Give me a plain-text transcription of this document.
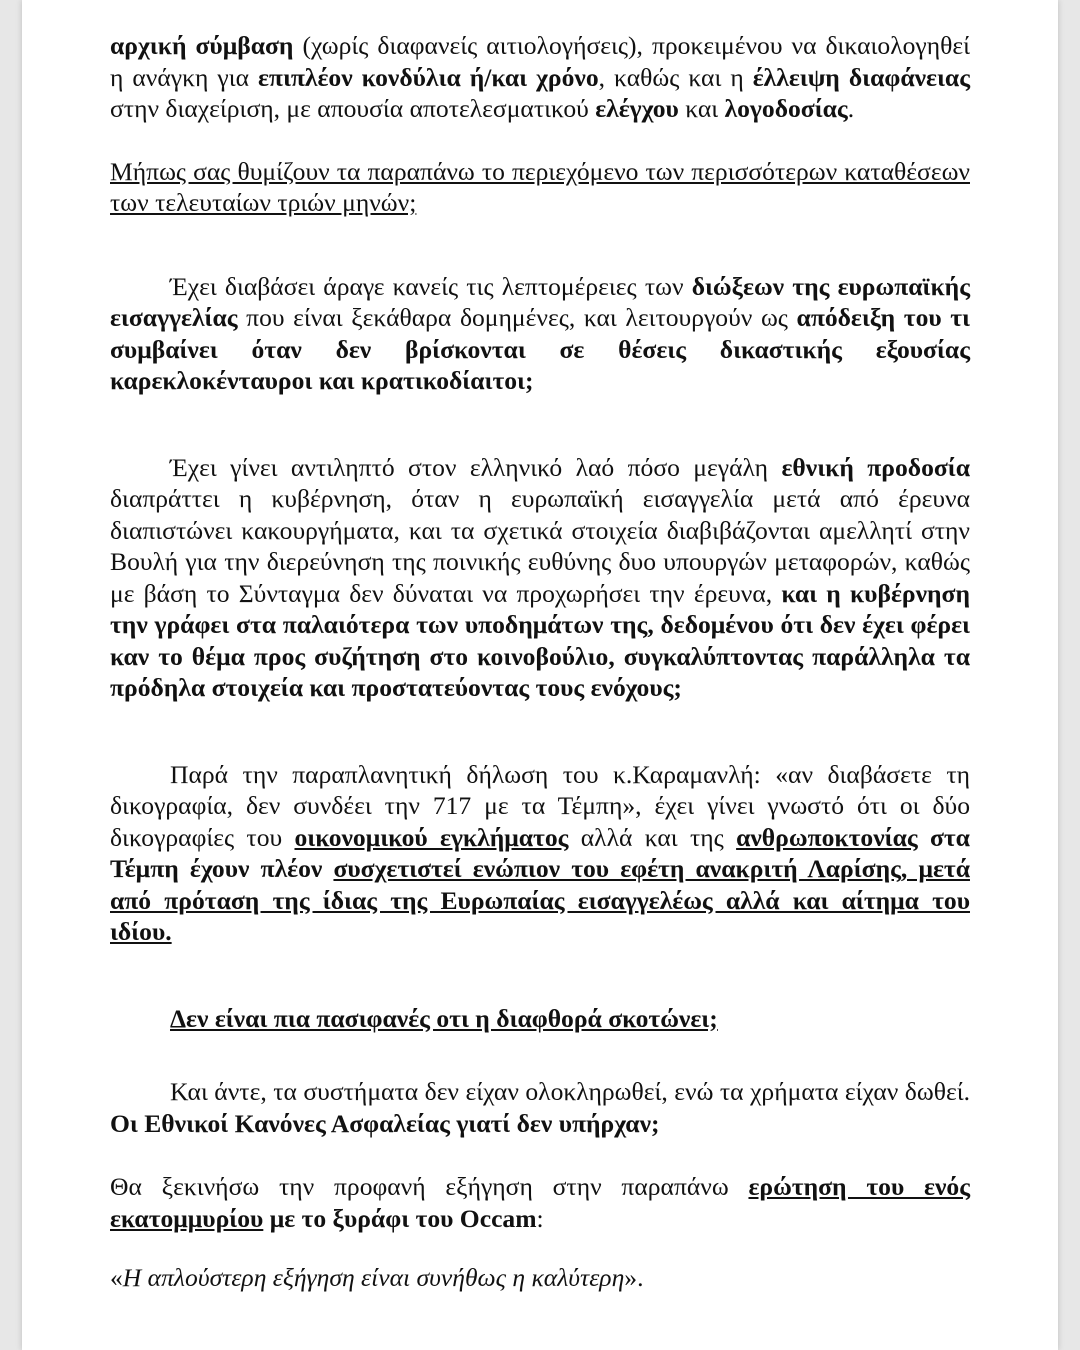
αρχική σύμβαση (χωρίς διαφανείς αιτιολογήσεις), προκειμένου να δικαιολογηθεί η ανάγκη για επιπλέον κονδύλια ή/και χρόνο, καθώς και η έλλειψη διαφάνειας στην διαχείριση, με απουσία αποτελεσματικού ελέγχου και λογοδοσίας.

Μήπως σας θυμίζουν τα παραπάνω το περιεχόμενο των περισσότερων καταθέσεων των τελευταίων τριών μηνών;

Έχει διαβάσει άραγε κανείς τις λεπτομέρειες των διώξεων της ευρωπαϊκής εισαγγελίας που είναι ξεκάθαρα δομημένες, και λειτουργούν ως απόδειξη του τι συμβαίνει όταν δεν βρίσκονται σε θέσεις δικαστικής εξουσίας καρεκλοκένταυροι και κρατικοδίαιτοι;

Έχει γίνει αντιληπτό στον ελληνικό λαό πόσο μεγάλη εθνική προδοσία διαπράττει η κυβέρνηση, όταν η ευρωπαϊκή εισαγγελία μετά από έρευνα διαπιστώνει κακουργήματα, και τα σχετικά στοιχεία διαβιβάζονται αμελλητί στην Βουλή για την διερεύνηση της ποινικής ευθύνης δυο υπουργών μεταφορών, καθώς με βάση το Σύνταγμα δεν δύναται να προχωρήσει την έρευνα, και η κυβέρνηση την γράφει στα παλαιότερα των υποδημάτων της, δεδομένου ότι δεν έχει φέρει καν το θέμα προς συζήτηση στο κοινοβούλιο, συγκαλύπτοντας παράλληλα τα πρόδηλα στοιχεία και προστατεύοντας τους ενόχους;

Παρά την παραπλανητική δήλωση του κ.Καραμανλή: «αν διαβάσετε τη δικογραφία, δεν συνδέει την 717 με τα Τέμπη», έχει γίνει γνωστό ότι οι δύο δικογραφίες του οικονομικού εγκλήματος αλλά και της ανθρωποκτονίας στα Τέμπη έχουν πλέον συσχετιστεί ενώπιον του εφέτη ανακριτή Λαρίσης, μετά από πρόταση της ίδιας της Ευρωπαίας εισαγγελέως αλλά και αίτημα του ιδίου.

Δεν είναι πια πασιφανές οτι η διαφθορά σκοτώνει;

Και άντε, τα συστήματα δεν είχαν ολοκληρωθεί, ενώ τα χρήματα είχαν δωθεί. Οι Εθνικοί Κανόνες Ασφαλείας γιατί δεν υπήρχαν;

Θα ξεκινήσω την προφανή εξήγηση στην παραπάνω ερώτηση του ενός εκατομμυρίου με το ξυράφι του Occam:

«Η απλούστερη εξήγηση είναι συνήθως η καλύτερη».
